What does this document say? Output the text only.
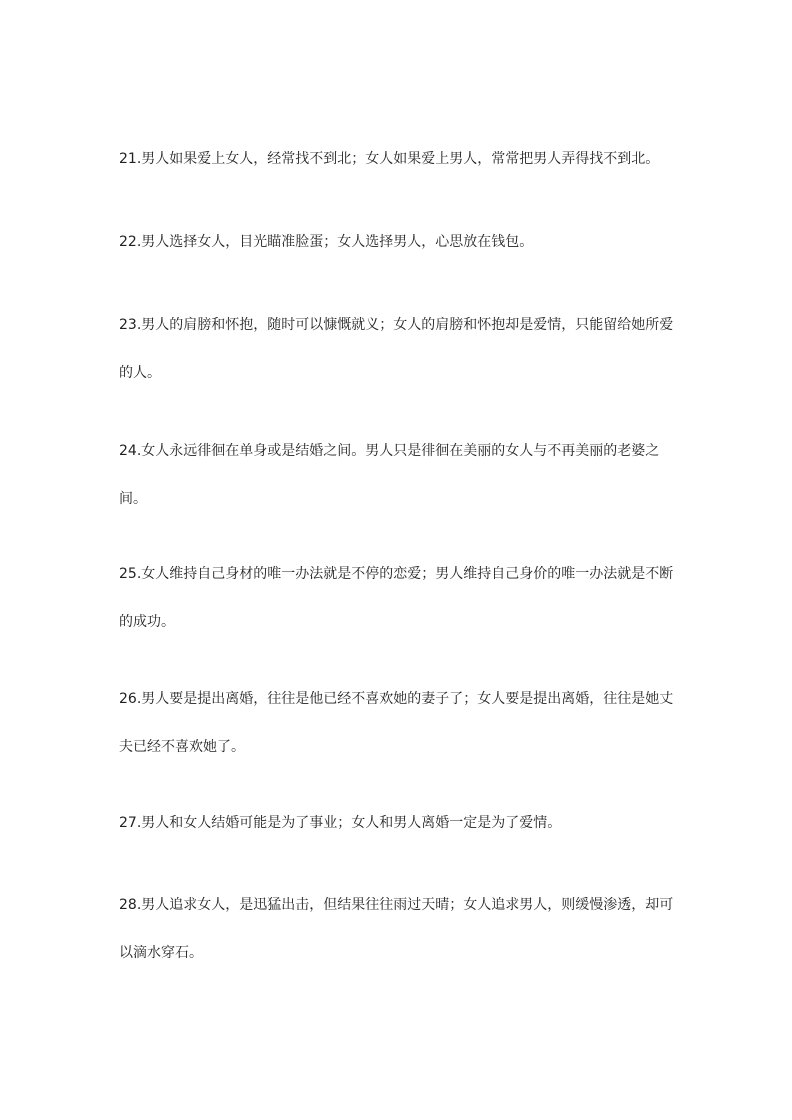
21.男人如果爱上女人，经常找不到北；女人如果爱上男人，常常把男人弄得找不到北。
22.男人选择女人，目光瞄准脸蛋；女人选择男人，心思放在钱包。
23.男人的肩膀和怀抱，随时可以慷慨就义；女人的肩膀和怀抱却是爱情，只能留给她所爱
的人。
24.女人永远徘徊在单身或是结婚之间。男人只是徘徊在美丽的女人与不再美丽的老婆之
间。
25.女人维持自己身材的唯一办法就是不停的恋爱；男人维持自己身价的唯一办法就是不断
的成功。
26.男人要是提出离婚，往往是他已经不喜欢她的妻子了；女人要是提出离婚，往往是她丈
夫已经不喜欢她了。
27.男人和女人结婚可能是为了事业；女人和男人离婚一定是为了爱情。
28.男人追求女人，是迅猛出击，但结果往往雨过天晴；女人追求男人，则缓慢渗透，却可
以滴水穿石。
